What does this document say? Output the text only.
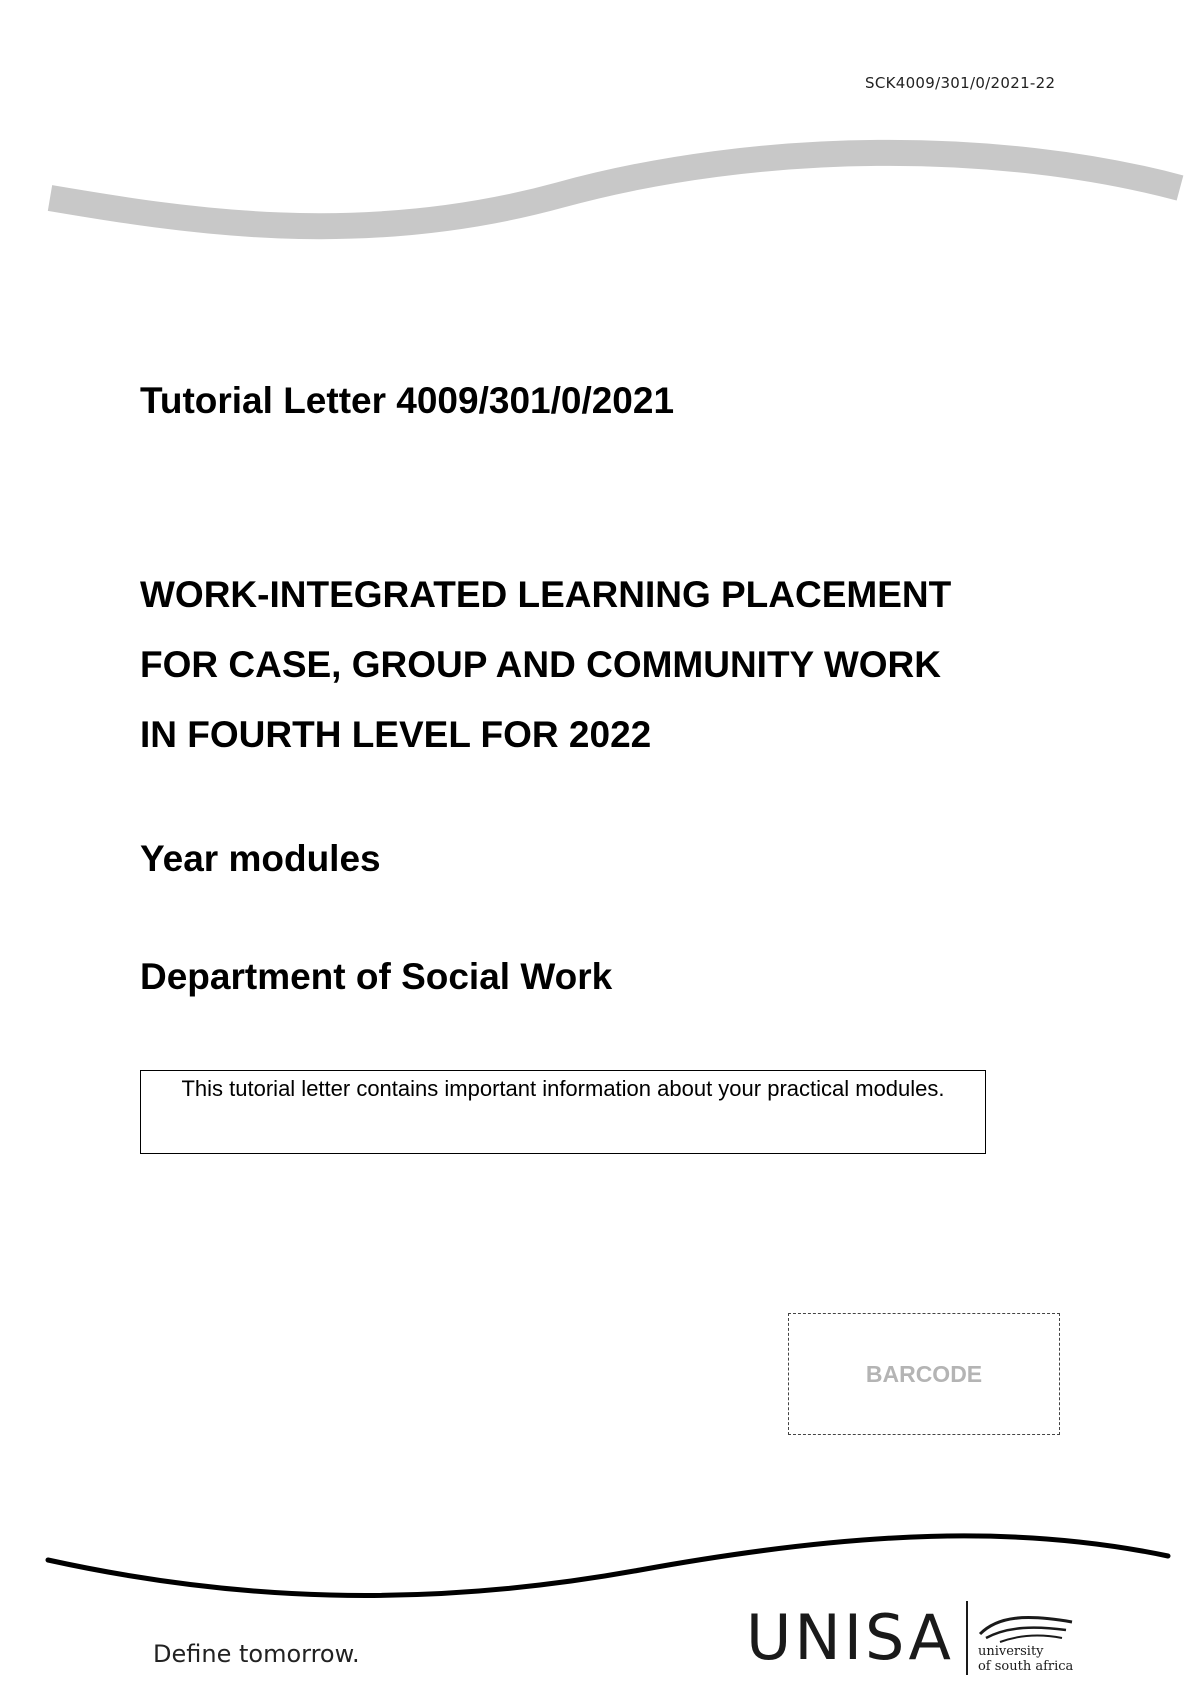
SCK4009/301/0/2021-22
Tutorial Letter 4009/301/0/2021
WORK-INTEGRATED LEARNING PLACEMENT
FOR CASE, GROUP AND COMMUNITY WORK
IN FOURTH LEVEL FOR 2022
Year modules
Department of Social Work
This tutorial letter contains important information about your practical modules.
BARCODE
Define tomorrow.	UNISA university
of south africa
